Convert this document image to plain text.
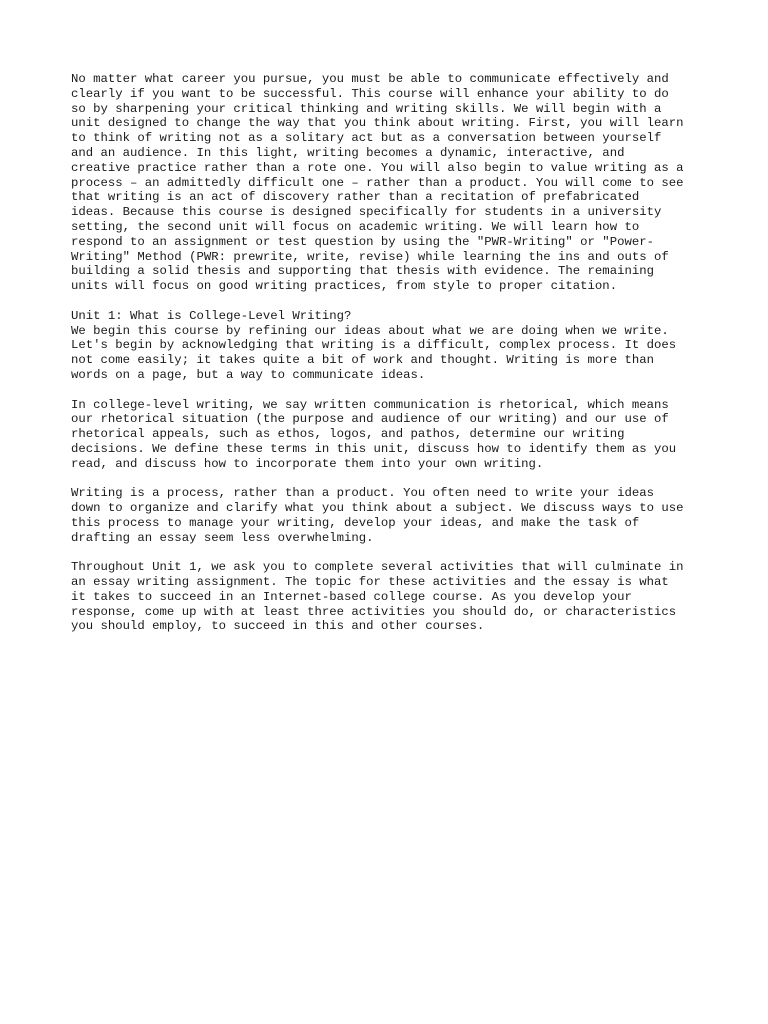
No matter what career you pursue, you must be able to communicate effectively and
clearly if you want to be successful. This course will enhance your ability to do
so by sharpening your critical thinking and writing skills. We will begin with a
unit designed to change the way that you think about writing. First, you will learn
to think of writing not as a solitary act but as a conversation between yourself
and an audience. In this light, writing becomes a dynamic, interactive, and
creative practice rather than a rote one. You will also begin to value writing as a
process – an admittedly difficult one – rather than a product. You will come to see
that writing is an act of discovery rather than a recitation of prefabricated
ideas. Because this course is designed specifically for students in a university
setting, the second unit will focus on academic writing. We will learn how to
respond to an assignment or test question by using the "PWR-Writing" or "Power-
Writing" Method (PWR: prewrite, write, revise) while learning the ins and outs of
building a solid thesis and supporting that thesis with evidence. The remaining
units will focus on good writing practices, from style to proper citation.

Unit 1: What is College-Level Writing?

We begin this course by refining our ideas about what we are doing when we write.
Let's begin by acknowledging that writing is a difficult, complex process. It does
not come easily; it takes quite a bit of work and thought. Writing is more than
words on a page, but a way to communicate ideas.

In college-level writing, we say written communication is rhetorical, which means
our rhetorical situation (the purpose and audience of our writing) and our use of
rhetorical appeals, such as ethos, logos, and pathos, determine our writing
decisions. We define these terms in this unit, discuss how to identify them as you
read, and discuss how to incorporate them into your own writing.

Writing is a process, rather than a product. You often need to write your ideas
down to organize and clarify what you think about a subject. We discuss ways to use
this process to manage your writing, develop your ideas, and make the task of
drafting an essay seem less overwhelming.

Throughout Unit 1, we ask you to complete several activities that will culminate in
an essay writing assignment. The topic for these activities and the essay is what
it takes to succeed in an Internet-based college course. As you develop your
response, come up with at least three activities you should do, or characteristics
you should employ, to succeed in this and other courses.
